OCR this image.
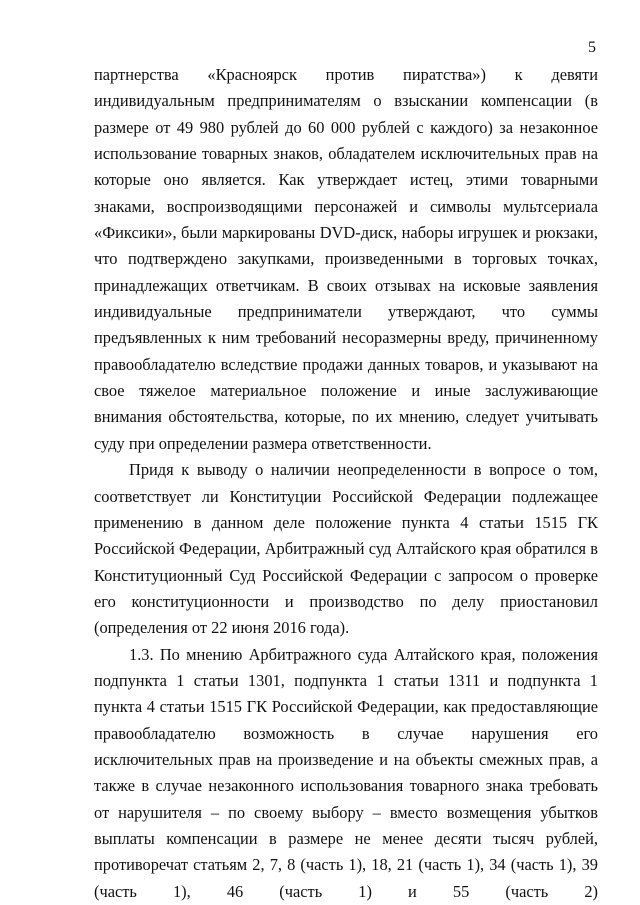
5

партнерства «Красноярск против пиратства») к девяти индивидуальным предпринимателям о взыскании компенсации (в размере от 49 980 рублей до 60 000 рублей с каждого) за незаконное использование товарных знаков, обладателем исключительных прав на которые оно является. Как утверждает истец, этими товарными знаками, воспроизводящими персонажей и символы мультсериала «Фиксики», были маркированы DVD-диск, наборы игрушек и рюкзаки, что подтверждено закупками, произведенными в торговых точках, принадлежащих ответчикам. В своих отзывах на исковые заявления индивидуальные предприниматели утверждают, что суммы предъявленных к ним требований несоразмерны вреду, причиненному правообладателю вследствие продажи данных товаров, и указывают на свое тяжелое материальное положение и иные заслуживающие внимания обстоятельства, которые, по их мнению, следует учитывать суду при определении размера ответственности.

Придя к выводу о наличии неопределенности в вопросе о том, соответствует ли Конституции Российской Федерации подлежащее применению в данном деле положение пункта 4 статьи 1515 ГК Российской Федерации, Арбитражный суд Алтайского края обратился в Конституционный Суд Российской Федерации с запросом о проверке его конституционности и производство по делу приостановил (определения от 22 июня 2016 года).

1.3. По мнению Арбитражного суда Алтайского края, положения подпункта 1 статьи 1301, подпункта 1 статьи 1311 и подпункта 1 пункта 4 статьи 1515 ГК Российской Федерации, как предоставляющие правообладателю возможность в случае нарушения его исключительных прав на произведение и на объекты смежных прав, а также в случае незаконного использования товарного знака требовать от нарушителя – по своему выбору – вместо возмещения убытков выплаты компенсации в размере не менее десяти тысяч рублей, противоречат статьям 2, 7, 8 (часть 1), 18, 21 (часть 1), 34 (часть 1), 39 (часть 1), 46 (часть 1) и 55 (часть 2)
